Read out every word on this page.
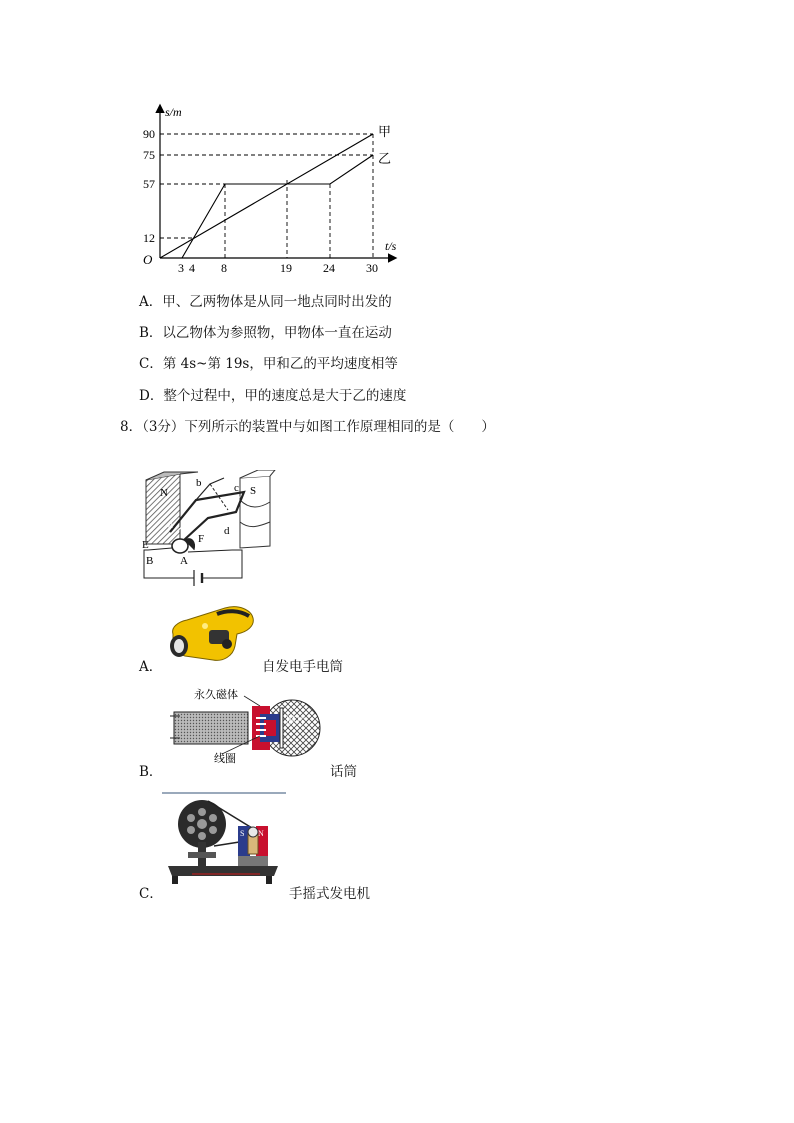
s/m
t/s
O
90
75
57
12
3 4 8	19	24	30
甲
乙
A．甲、乙两物体是从同一地点同时出发的
B．以乙物体为参照物，甲物体一直在运动
C．第 4s~第 19s，甲和乙的平均速度相等
D．整个过程中，甲的速度总是大于乙的速度
8．（3分）下列所示的装置中与如图工作原理相同的是（　　）
N
b	c S
a	d
E	F
B A
A．	自发电手电筒
B．
永久磁体
膜片
线圈
话筒
C．
S N
手摇式发电机
